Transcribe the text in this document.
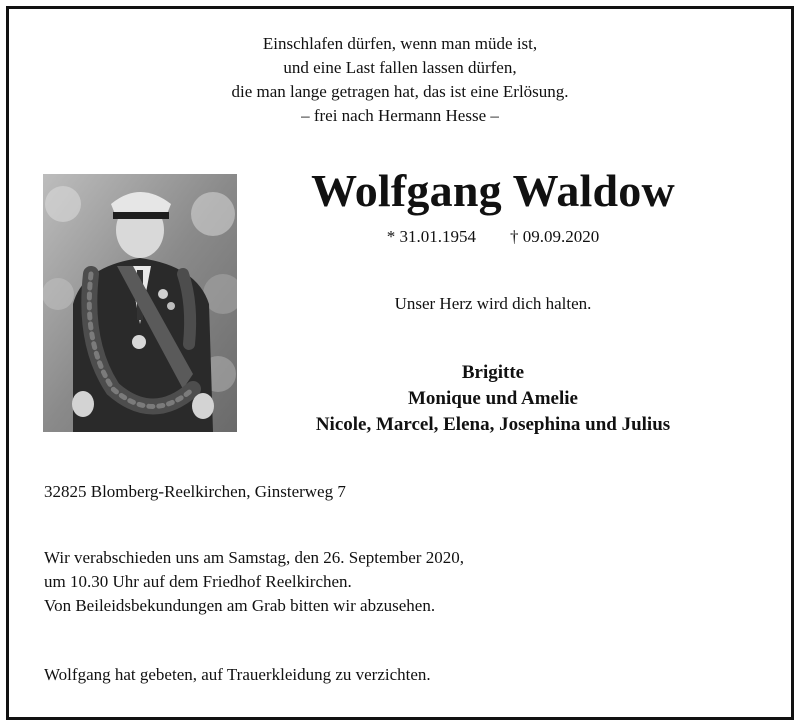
Einschlafen dürfen, wenn man müde ist,
und eine Last fallen lassen dürfen,
die man lange getragen hat, das ist eine Erlösung.
– frei nach Hermann Hesse –
Wolfgang Waldow
* 31.01.1954 † 09.09.2020
Unser Herz wird dich halten.
Brigitte
Monique und Amelie
Nicole, Marcel, Elena, Josephina und Julius
32825 Blomberg-Reelkirchen, Ginsterweg 7
Wir verabschieden uns am Samstag, den 26. September 2020,
um 10.30 Uhr auf dem Friedhof Reelkirchen.
Von Beileidsbekundungen am Grab bitten wir abzusehen.
Wolfgang hat gebeten, auf Trauerkleidung zu verzichten.
